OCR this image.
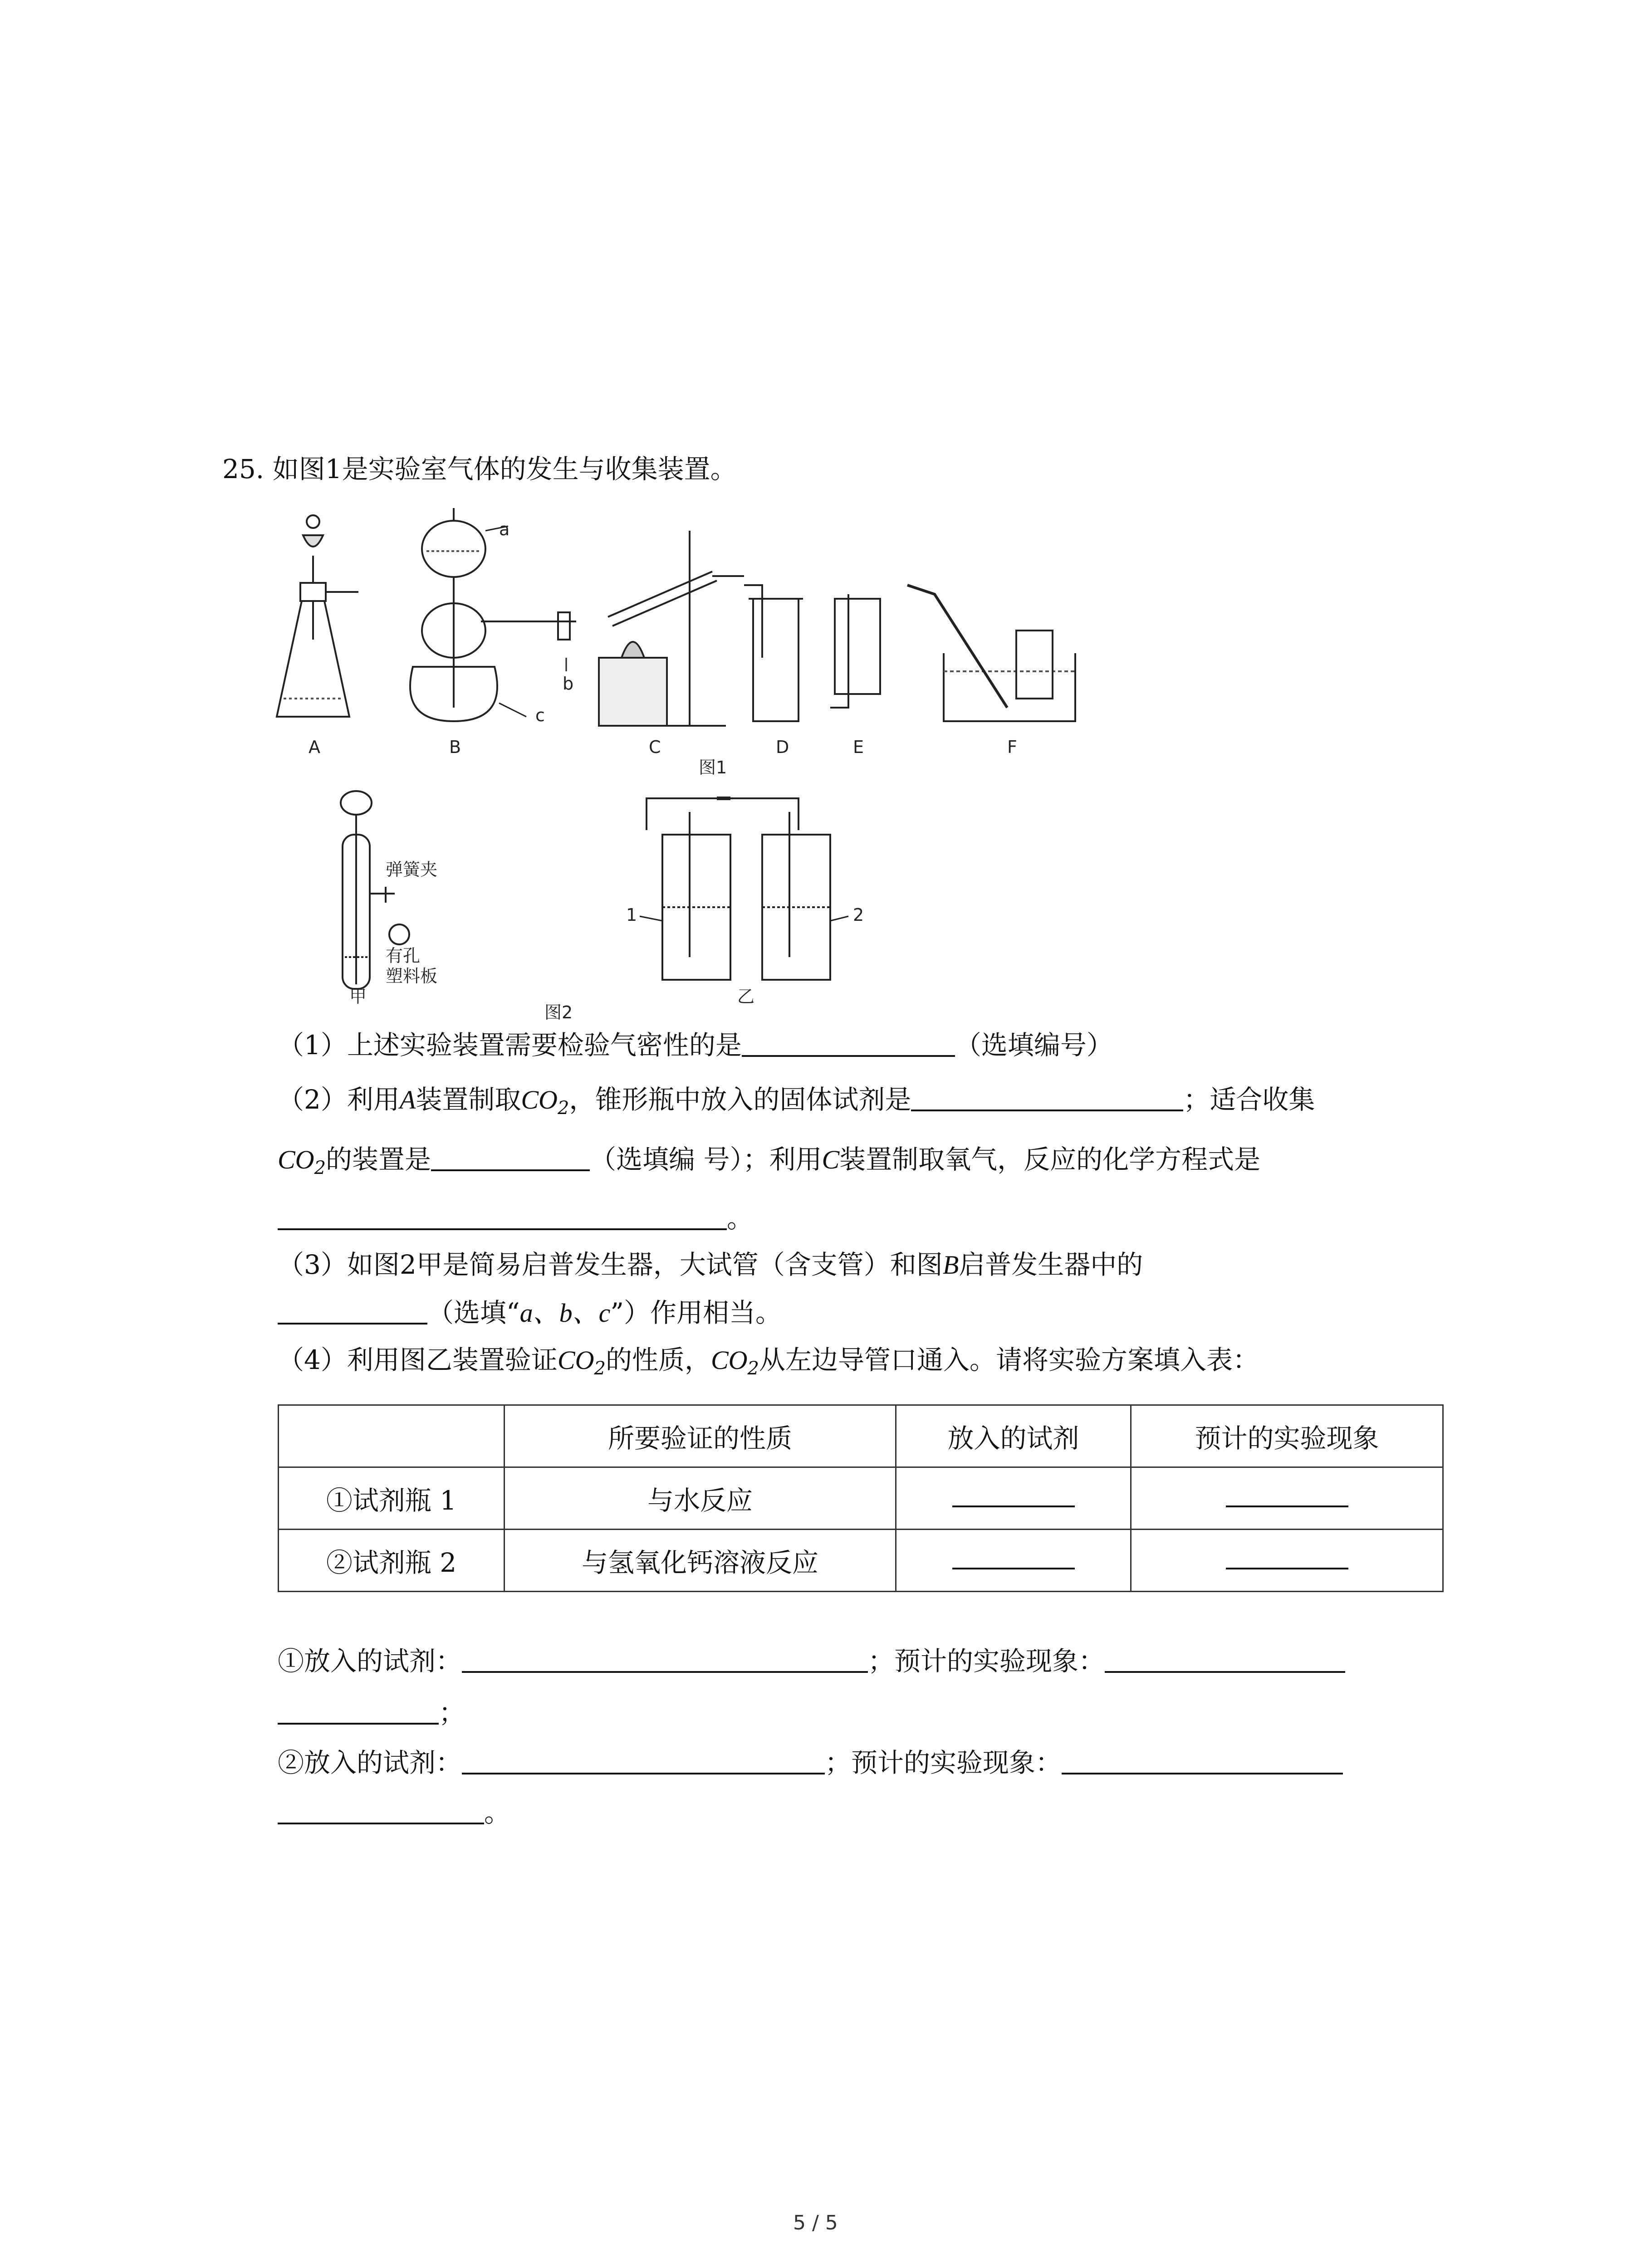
25. 如图1是实验室气体的发生与收集装置。
A	B	C	D	E	F
a
b
c
图1
弹簧夹
有孔
塑料板
甲	乙
1	2
图2
（1）上述实验装置需要检验气密性的是	（选填编号）
（2）利用A装置制取$CO_2$，锥形瓶中放入的固体试剂是	；适合收集
$CO_2$的装置是	（选填编 号）；利用C装置制取氧气，反应的化学方程式是
。
（3）如图2甲是简易启普发生器，大试管（含支管）和图B启普发生器中的
（选填“a、b、c”）作用相当。
（4）利用图乙装置验证$CO_2$的性质，$CO_2$从左边导管口通入。请将实验方案填入表：
	所要验证的性质	放入的试剂	预计的实验现象
①试剂瓶 1	与水反应		
②试剂瓶 2	与氢氧化钙溶液反应		
①放入的试剂：	；预计的实验现象：
；
②放入的试剂：	；预计的实验现象：
。
5 / 5
